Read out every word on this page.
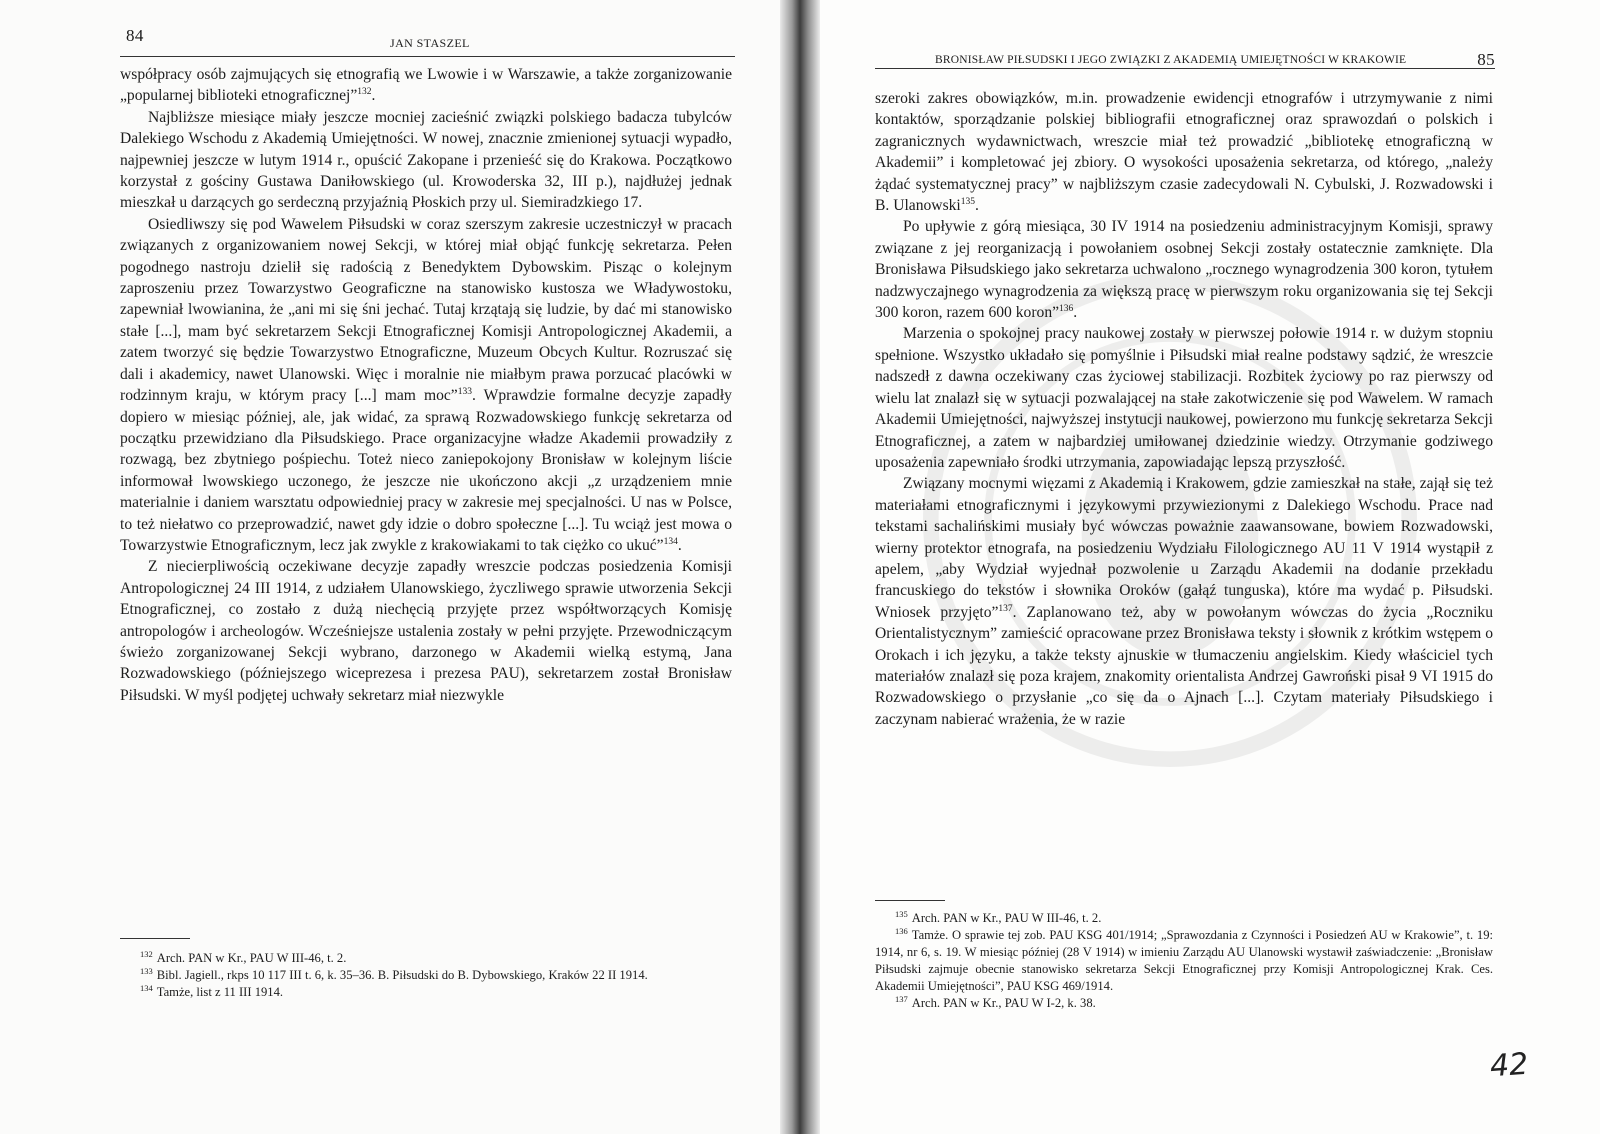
84	JAN STASZEL

współpracy osób zajmujących się etnografią we Lwowie i w Warszawie, a także zorganizowanie „popularnej biblioteki etnograficznej”$^{132}$.

Najbliższe miesiące miały jeszcze mocniej zacieśnić związki polskiego badacza tubylców Dalekiego Wschodu z Akademią Umiejętności. W nowej, znacznie zmienionej sytuacji wypadło, najpewniej jeszcze w lutym 1914 r., opuścić Zakopane i przenieść się do Krakowa. Początkowo korzystał z gościny Gustawa Daniłowskiego (ul. Krowoderska 32, III p.), najdłużej jednak mieszkał u darzących go serdeczną przyjaźnią Płoskich przy ul. Siemiradzkiego 17.

Osiedliwszy się pod Wawelem Piłsudski w coraz szerszym zakresie uczestniczył w pracach związanych z organizowaniem nowej Sekcji, w której miał objąć funkcję sekretarza. Pełen pogodnego nastroju dzielił się radością z Benedyktem Dybowskim. Pisząc o kolejnym zaproszeniu przez Towarzystwo Geograficzne na stanowisko kustosza we Władywostoku, zapewniał lwowianina, że „ani mi się śni jechać. Tutaj krzątają się ludzie, by dać mi stanowisko stałe [...], mam być sekretarzem Sekcji Etnograficznej Komisji Antropologicznej Akademii, a zatem tworzyć się będzie Towarzystwo Etnograficzne, Muzeum Obcych Kultur. Rozruszać się dali i akademicy, nawet Ulanowski. Więc i moralnie nie miałbym prawa porzucać placówki w rodzinnym kraju, w którym pracy [...] mam moc”$^{133}$. Wprawdzie formalne decyzje zapadły dopiero w miesiąc później, ale, jak widać, za sprawą Rozwadowskiego funkcję sekretarza od początku przewidziano dla Piłsudskiego. Prace organizacyjne władze Akademii prowadziły z rozwagą, bez zbytniego pośpiechu. Toteż nieco zaniepokojony Bronisław w kolejnym liście informował lwowskiego uczonego, że jeszcze nie ukończono akcji „z urządzeniem mnie materialnie i daniem warsztatu odpowiedniej pracy w zakresie mej specjalności. U nas w Polsce, to też niełatwo co przeprowadzić, nawet gdy idzie o dobro społeczne [...]. Tu wciąż jest mowa o Towarzystwie Etnograficznym, lecz jak zwykle z krakowiakami to tak ciężko co ukuć”$^{134}$.

Z niecierpliwością oczekiwane decyzje zapadły wreszcie podczas posiedzenia Komisji Antropologicznej 24 III 1914, z udziałem Ulanowskiego, życzliwego sprawie utworzenia Sekcji Etnograficznej, co zostało z dużą niechęcią przyjęte przez współtworzących Komisję antropologów i archeologów. Wcześniejsze ustalenia zostały w pełni przyjęte. Przewodniczącym świeżo zorganizowanej Sekcji wybrano, darzonego w Akademii wielką estymą, Jana Rozwadowskiego (późniejszego wiceprezesa i prezesa PAU), sekretarzem został Bronisław Piłsudski. W myśl podjętej uchwały sekretarz miał niezwykle

$^{132}$ Arch. PAN w Kr., PAU W III-46, t. 2.

$^{133}$ Bibl. Jagiell., rkps 10 117 III t. 6, k. 35–36. B. Piłsudski do B. Dybowskiego, Kraków 22 II 1914.

$^{134}$ Tamże, list z 11 III 1914.

BRONISŁAW PIŁSUDSKI I JEGO ZWIĄZKI Z AKADEMIĄ UMIEJĘTNOŚCI W KRAKOWIE	85

szeroki zakres obowiązków, m.in. prowadzenie ewidencji etnografów i utrzymywanie z nimi kontaktów, sporządzanie polskiej bibliografii etnograficznej oraz sprawozdań o polskich i zagranicznych wydawnictwach, wreszcie miał też prowadzić „bibliotekę etnograficzną w Akademii” i kompletować jej zbiory. O wysokości uposażenia sekretarza, od którego, „należy żądać systematycznej pracy” w najbliższym czasie zadecydowali N. Cybulski, J. Rozwadowski i B. Ulanowski$^{135}$.

Po upływie z górą miesiąca, 30 IV 1914 na posiedzeniu administracyjnym Komisji, sprawy związane z jej reorganizacją i powołaniem osobnej Sekcji zostały ostatecznie zamknięte. Dla Bronisława Piłsudskiego jako sekretarza uchwalono „rocznego wynagrodzenia 300 koron, tytułem nadzwyczajnego wynagrodzenia za większą pracę w pierwszym roku organizowania się tej Sekcji 300 koron, razem 600 koron”$^{136}$.

Marzenia o spokojnej pracy naukowej zostały w pierwszej połowie 1914 r. w dużym stopniu spełnione. Wszystko układało się pomyślnie i Piłsudski miał realne podstawy sądzić, że wreszcie nadszedł z dawna oczekiwany czas życiowej stabilizacji. Rozbitek życiowy po raz pierwszy od wielu lat znalazł się w sytuacji pozwalającej na stałe zakotwiczenie się pod Wawelem. W ramach Akademii Umiejętności, najwyższej instytucji naukowej, powierzono mu funkcję sekretarza Sekcji Etnograficznej, a zatem w najbardziej umiłowanej dziedzinie wiedzy. Otrzymanie godziwego uposażenia zapewniało środki utrzymania, zapowiadając lepszą przyszłość.

Związany mocnymi więzami z Akademią i Krakowem, gdzie zamieszkał na stałe, zajął się też materiałami etnograficznymi i językowymi przywiezionymi z Dalekiego Wschodu. Prace nad tekstami sachalińskimi musiały być wówczas poważnie zaawansowane, bowiem Rozwadowski, wierny protektor etnografa, na posiedzeniu Wydziału Filologicznego AU 11 V 1914 wystąpił z apelem, „aby Wydział wyjednał pozwolenie u Zarządu Akademii na dodanie przekładu francuskiego do tekstów i słownika Oroków (gałąź tunguska), które ma wydać p. Piłsudski. Wniosek przyjęto”$^{137}$. Zaplanowano też, aby w powołanym wówczas do życia „Roczniku Orientalistycznym” zamieścić opracowane przez Bronisława teksty i słownik z krótkim wstępem o Orokach i ich języku, a także teksty ajnuskie w tłumaczeniu angielskim. Kiedy właściciel tych materiałów znalazł się poza krajem, znakomity orientalista Andrzej Gawroński pisał 9 VI 1915 do Rozwadowskiego o przysłanie „co się da o Ajnach [...]. Czytam materiały Piłsudskiego i zaczynam nabierać wrażenia, że w razie

$^{135}$ Arch. PAN w Kr., PAU W III-46, t. 2.

$^{136}$ Tamże. O sprawie tej zob. PAU KSG 401/1914; „Sprawozdania z Czynności i Posiedzeń AU w Krakowie”, t. 19: 1914, nr 6, s. 19. W miesiąc później (28 V 1914) w imieniu Zarządu AU Ulanowski wystawił zaświadczenie: „Bronisław Piłsudski zajmuje obecnie stanowisko sekretarza Sekcji Etnograficznej przy Komisji Antropologicznej Krak. Ces. Akademii Umiejętności”, PAU KSG 469/1914.

$^{137}$ Arch. PAN w Kr., PAU W I-2, k. 38.

42
